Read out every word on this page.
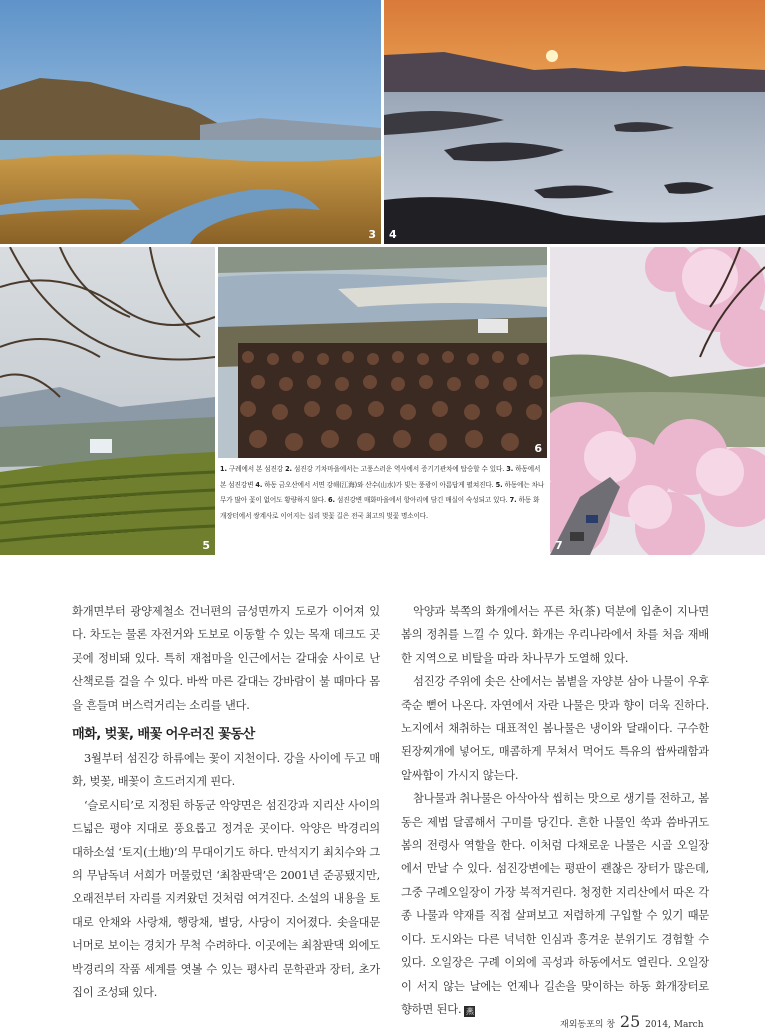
3 4
5
6
7
1. 구례에서 본 섬진강 2. 섬진강 기차마을에서는 고풍스러운 역사에서 증기기관차에 탑승할 수 있다. 3. 하동에서 본 섬진강변 4. 하동 금오산에서 서면 강해(江海)와 산수(山水)가 빚는 풍광이 아름답게 펼쳐진다. 5. 하동에는 차나무가 많아 꽃이 없어도 황량하지 않다. 6. 섬진강변 매화마을에서 항아리에 담긴 매실이 숙성되고 있다. 7. 하동 화개장터에서 쌍계사로 이어지는 십리 벚꽃 길은 전국 최고의 벚꽃 명소이다.

화개면부터 광양제철소 건너편의 금성면까지 도로가 이어져 있다. 차도는 물론 자전거와 도보로 이동할 수 있는 목재 데크도 곳곳에 정비돼 있다. 특히 재첩마을 인근에서는 갈대숲 사이로 난 산책로를 걸을 수 있다. 바싹 마른 갈대는 강바람이 불 때마다 몸을 흔들며 버스럭거리는 소리를 낸다.

매화, 벚꽃, 배꽃 어우러진 꽃동산

3월부터 섬진강 하류에는 꽃이 지천이다. 강을 사이에 두고 매화, 벚꽃, 배꽃이 흐드러지게 핀다.

‘슬로시티’로 지정된 하동군 악양면은 섬진강과 지리산 사이의 드넓은 평야 지대로 풍요롭고 정겨운 곳이다. 악양은 박경리의 대하소설 ‘토지(土地)’의 무대이기도 하다. 만석지기 최치수와 그의 무남독녀 서희가 머물렀던 ‘최참판댁’은 2001년 준공됐지만, 오래전부터 자리를 지켜왔던 것처럼 여겨진다. 소설의 내용을 토대로 안채와 사랑채, 행랑채, 별당, 사당이 지어졌다. 솟을대문 너머로 보이는 경치가 무척 수려하다. 이곳에는 최참판댁 외에도 박경리의 작품 세계를 엿볼 수 있는 평사리 문학관과 장터, 초가집이 조성돼 있다.

악양과 북쪽의 화개에서는 푸른 차(茶) 덕분에 입춘이 지나면 봄의 정취를 느낄 수 있다. 화개는 우리나라에서 차를 처음 재배한 지역으로 비탈을 따라 차나무가 도열해 있다.

섬진강 주위에 솟은 산에서는 봄볕을 자양분 삼아 나물이 우후죽순 뻗어 나온다. 자연에서 자란 나물은 맛과 향이 더욱 진하다. 노지에서 채취하는 대표적인 봄나물은 냉이와 달래이다. 구수한 된장찌개에 넣어도, 매콤하게 무쳐서 먹어도 특유의 쌉싸래함과 알싸함이 가시지 않는다.

참나물과 취나물은 아삭아삭 씹히는 맛으로 생기를 전하고, 봄동은 제법 달콤해서 구미를 당긴다. 흔한 나물인 쑥과 씀바귀도 봄의 전령사 역할을 한다. 이처럼 다채로운 나물은 시골 오일장에서 만날 수 있다. 섬진강변에는 평판이 괜찮은 장터가 많은데, 그중 구례오일장이 가장 북적거린다. 청정한 지리산에서 따온 각종 나물과 약재를 직접 살펴보고 저렴하게 구입할 수 있기 때문이다. 도시와는 다른 넉넉한 인심과 흥겨운 분위기도 경험할 수 있다. 오일장은 구례 이외에 곡성과 하동에서도 열린다. 오일장이 서지 않는 날에는 언제나 길손을 맞이하는 하동 화개장터로 향하면 된다. 燕

재외동포의 창 25 2014, March
